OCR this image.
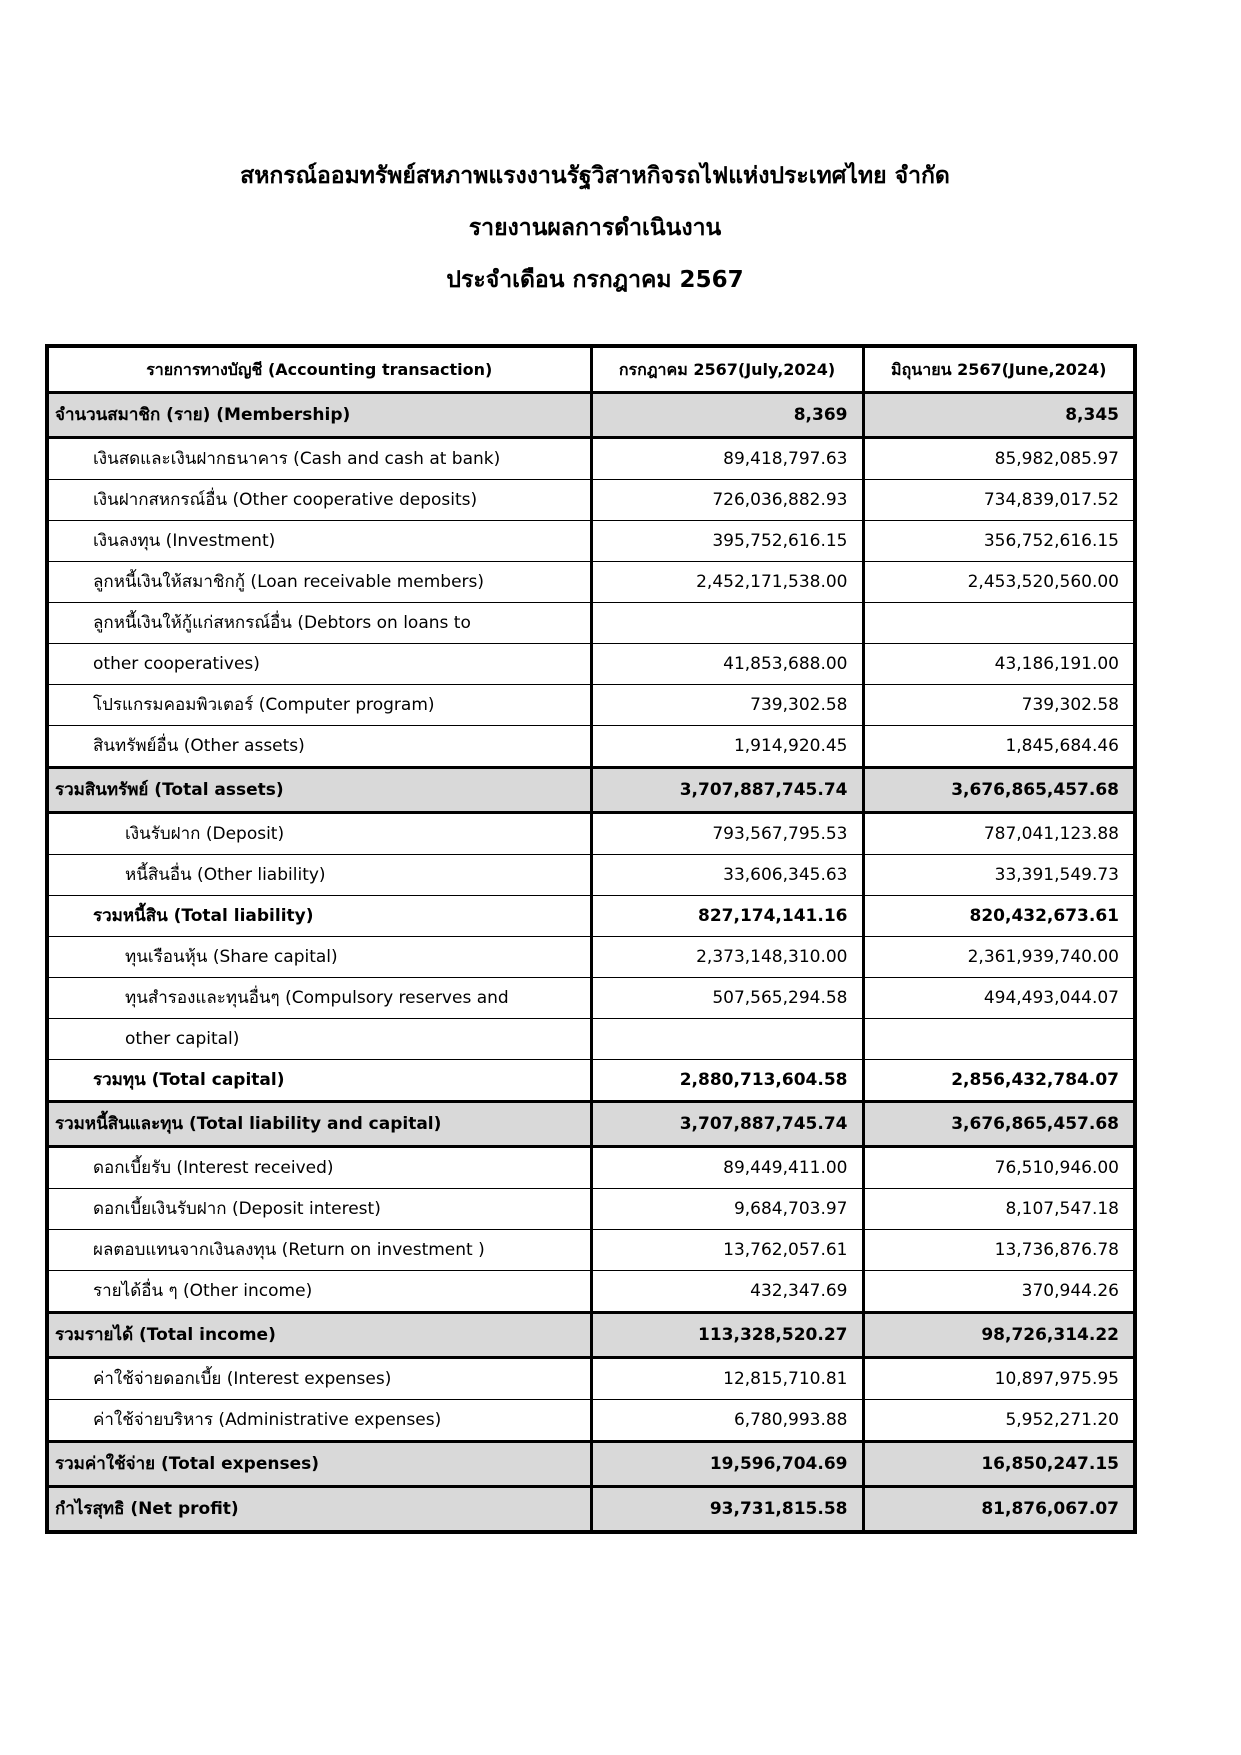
สหกรณ์ออมทรัพย์สหภาพแรงงานรัฐวิสาหกิจรถไฟแห่งประเทศไทย จำกัด
รายงานผลการดำเนินงาน
ประจำเดือน กรกฎาคม 2567
รายการทางบัญชี (Accounting transaction)	กรกฎาคม 2567(July,2024)	มิถุนายน 2567(June,2024)
จำนวนสมาชิก (ราย) (Membership)	8,369	8,345
เงินสดและเงินฝากธนาคาร (Cash and cash at bank)	89,418,797.63	85,982,085.97
เงินฝากสหกรณ์อื่น (Other cooperative deposits)	726,036,882.93	734,839,017.52
เงินลงทุน (Investment)	395,752,616.15	356,752,616.15
ลูกหนี้เงินให้สมาชิกกู้ (Loan receivable members)	2,452,171,538.00	2,453,520,560.00
ลูกหนี้เงินให้กู้แก่สหกรณ์อื่น (Debtors on loans to		
other cooperatives)	41,853,688.00	43,186,191.00
โปรแกรมคอมพิวเตอร์ (Computer program)	739,302.58	739,302.58
สินทรัพย์อื่น (Other assets)	1,914,920.45	1,845,684.46
รวมสินทรัพย์ (Total assets)	3,707,887,745.74	3,676,865,457.68
เงินรับฝาก (Deposit)	793,567,795.53	787,041,123.88
หนี้สินอื่น (Other liability)	33,606,345.63	33,391,549.73
รวมหนี้สิน (Total liability)	827,174,141.16	820,432,673.61
ทุนเรือนหุ้น (Share capital)	2,373,148,310.00	2,361,939,740.00
ทุนสำรองและทุนอื่นๆ (Compulsory reserves and	507,565,294.58	494,493,044.07
other capital)		
รวมทุน (Total capital)	2,880,713,604.58	2,856,432,784.07
รวมหนี้สินและทุน (Total liability and capital)	3,707,887,745.74	3,676,865,457.68
ดอกเบี้ยรับ (Interest received)	89,449,411.00	76,510,946.00
ดอกเบี้ยเงินรับฝาก (Deposit interest)	9,684,703.97	8,107,547.18
ผลตอบแทนจากเงินลงทุน (Return on investment )	13,762,057.61	13,736,876.78
รายได้อื่น ๆ (Other income)	432,347.69	370,944.26
รวมรายได้ (Total income)	113,328,520.27	98,726,314.22
ค่าใช้จ่ายดอกเบี้ย (Interest expenses)	12,815,710.81	10,897,975.95
ค่าใช้จ่ายบริหาร (Administrative expenses)	6,780,993.88	5,952,271.20
รวมค่าใช้จ่าย (Total expenses)	19,596,704.69	16,850,247.15
กำไรสุทธิ (Net profit)	93,731,815.58	81,876,067.07
